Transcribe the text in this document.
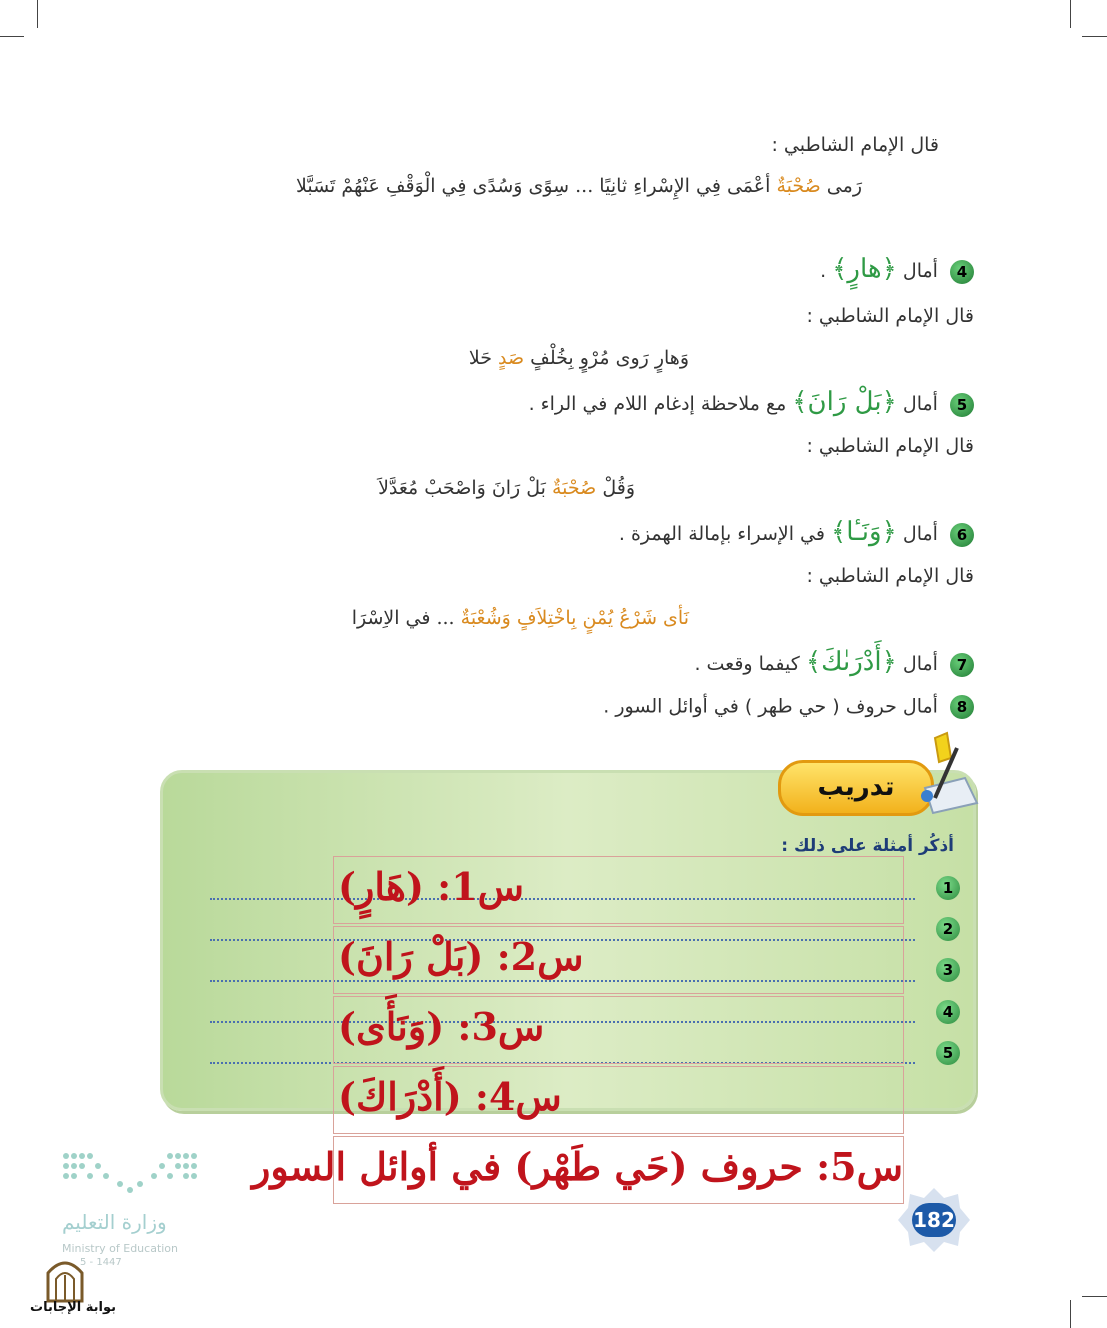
قال الإمام الشاطبي :
رَمى صُحْبَةٌ أعْمَى فِي الإِسْراءِ ثانِيًا ... سِوًى وَسُدًى فِي الْوَقْفِ عَنْهُمْ تَسَبَّلا
4 أمال ﴿هارٍ﴾ .
قال الإمام الشاطبي :
وَهارٍ رَوى مُرْوٍ بِخُلْفٍ صَدٍ حَلا
5 أمال ﴿بَلْ رَانَ﴾ مع ملاحظة إدغام اللام في الراء .
قال الإمام الشاطبي :
وَقُلْ صُحْبَةٌ بَلْ رَانَ وَاصْحَبْ مُعَدَّلاَ
6 أمال ﴿وَنَـٔا﴾ في الإسراء بإمالة الهمزة .
قال الإمام الشاطبي :
نَأى شَرْعُ يُمْنٍ بِاخْتِلاَفٍ وَشُعْبَةٌ ... في الاِسْرَا
7 أمال ﴿أَدْرَىٰكَ﴾ كيفما وقعت .
8 أمال حروف ( حي طهر ) في أوائل السور .
تدريب
أذكُر أمثلة على ذلك :
1
2
3
4
5
س1: (هَارٍ)
س2: (بَلْ رَانَ)
س3: (وَنَأَى)
س4: (أَدْرَاكَ)
س5: حروف (حَي طَهْر) في أوائل السور
182
وزارة التعليم
Ministry of Education
5 - 1447
بوابة الإجابات
